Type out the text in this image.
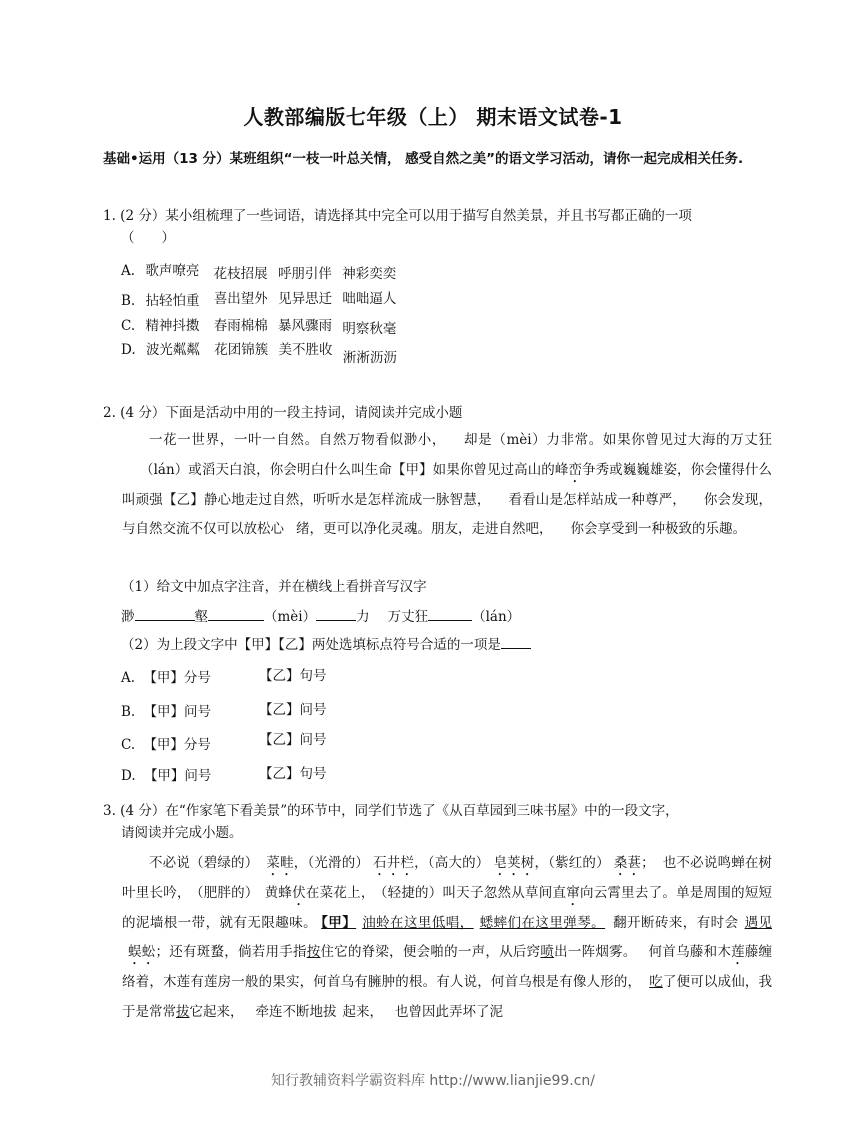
人教部编版七年级（上） 期末语文试卷-1
基础•运用（13 分）某班组织“一枝一叶总关情， 感受自然之美”的语文学习活动，请你一起完成相关任务.
1. (2 分）某小组梳理了一些词语，请选择其中完全可以用于描写自然美景，并且书写都正确的一项
（　　）
A. 歌声嘹亮 花枝招展 呼朋引伴 神彩奕奕
B. 拈轻怕重 喜出望外 见异思迁 咄咄逼人
C. 精神抖擞 春雨棉棉 暴风骤雨 明察秋毫
D. 波光粼粼 花团锦簇 美不胜收 淅淅沥沥
2. (4 分）下面是活动中用的一段主持词，请阅读并完成小题
一花一世界，一叶一自然。自然万物看似渺小， 却是（mèi）力非常。如果你曾见过大海的万丈狂（lán）或滔天白浪，你会明白什么叫生命【甲】如果你曾见过高山的峰峦争秀或巍巍雄姿，你会懂得什么叫顽强【乙】静心地走过自然，听听水是怎样流成一脉智慧， 看看山是怎样站成一种尊严， 你会发现，与自然交流不仅可以放松心 绪，更可以净化灵魂。朋友，走进自然吧， 你会享受到一种极致的乐趣。
（1）给文中加点字注音，并在横线上看拼音写汉字
渺	壑	（mèi）	力 万丈狂	（lán）
（2）为上段文字中【甲】【乙】两处选填标点符号合适的一项是
A. 【甲】分号	【乙】句号
B. 【甲】问号	【乙】问号
C. 【甲】分号	【乙】问号
D. 【甲】问号	【乙】句号
3. (4 分）在“作家笔下看美景”的环节中，同学们节选了《从百草园到三味书屋》中的一段文字，
请阅读并完成小题。
不必说（碧绿的） 菜畦，（光滑的） 石井栏，（高大的） 皂荚树，（紫红的） 桑葚； 也不必说鸣蝉在树叶里长吟， （肥胖的） 黄蜂伏在菜花上， （轻捷的）叫天子忽然从草间直窜向云霄里去了。单是周围的短短的泥墙根一带，就有无限趣味。 【甲】 油蛉在这里低唱， 蟋蟀们在这里弹琴。 翻开断砖来，有时会 遇见蜈蚣；还有斑蝥，倘若用手指按住它的脊梁，便会啪的一声，从后窍喷出一阵烟雾。 何首乌藤和木莲藤缠络着，木莲有莲房一般的果实，何首乌有臃肿的根。有人说，何首乌根是有像人形的， 吃了便可以成仙，我于是常常拔它起来， 牵连不断地拔 起来， 也曾因此弄坏了泥
知行教辅资料学霸资料库 http://www.lianjie99.cn/
